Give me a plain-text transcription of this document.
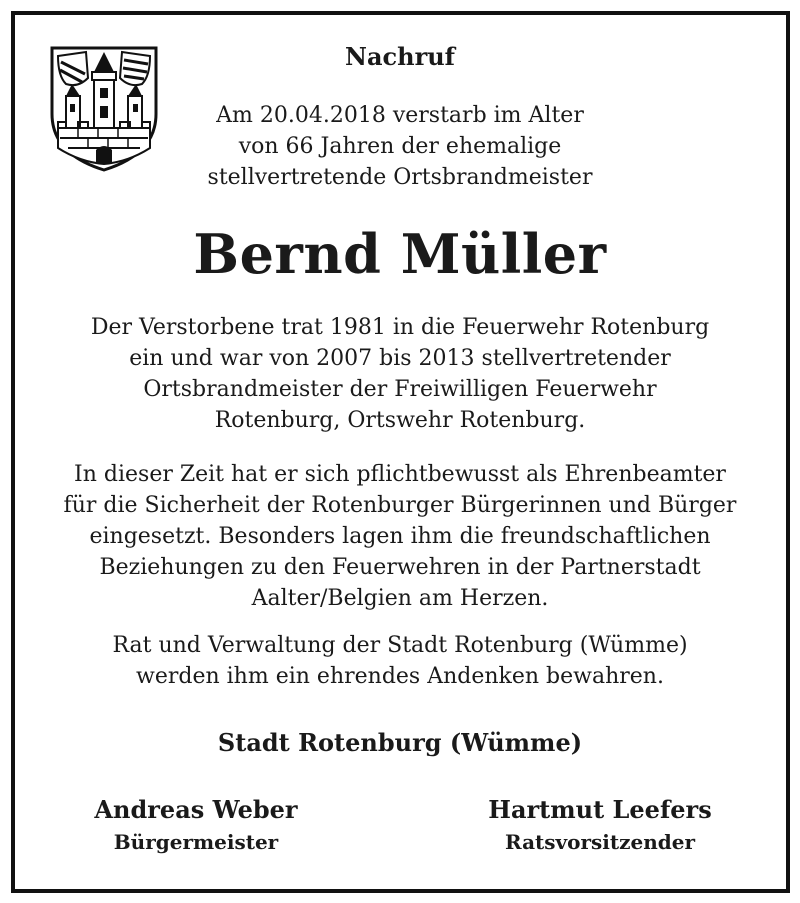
Nachruf
Am 20.04.2018 verstarb im Alter
von 66 Jahren der ehemalige
stellvertretende Ortsbrandmeister
Bernd Müller
Der Verstorbene trat 1981 in die Feuerwehr Rotenburg
ein und war von 2007 bis 2013 stellvertretender
Ortsbrandmeister der Freiwilligen Feuerwehr
Rotenburg, Ortswehr Rotenburg.
In dieser Zeit hat er sich pflichtbewusst als Ehrenbeamter
für die Sicherheit der Rotenburger Bürgerinnen und Bürger
eingesetzt. Besonders lagen ihm die freundschaftlichen
Beziehungen zu den Feuerwehren in der Partnerstadt
Aalter/Belgien am Herzen.
Rat und Verwaltung der Stadt Rotenburg (Wümme)
werden ihm ein ehrendes Andenken bewahren.
Stadt Rotenburg (Wümme)
Andreas Weber
Bürgermeister
Hartmut Leefers
Ratsvorsitzender
